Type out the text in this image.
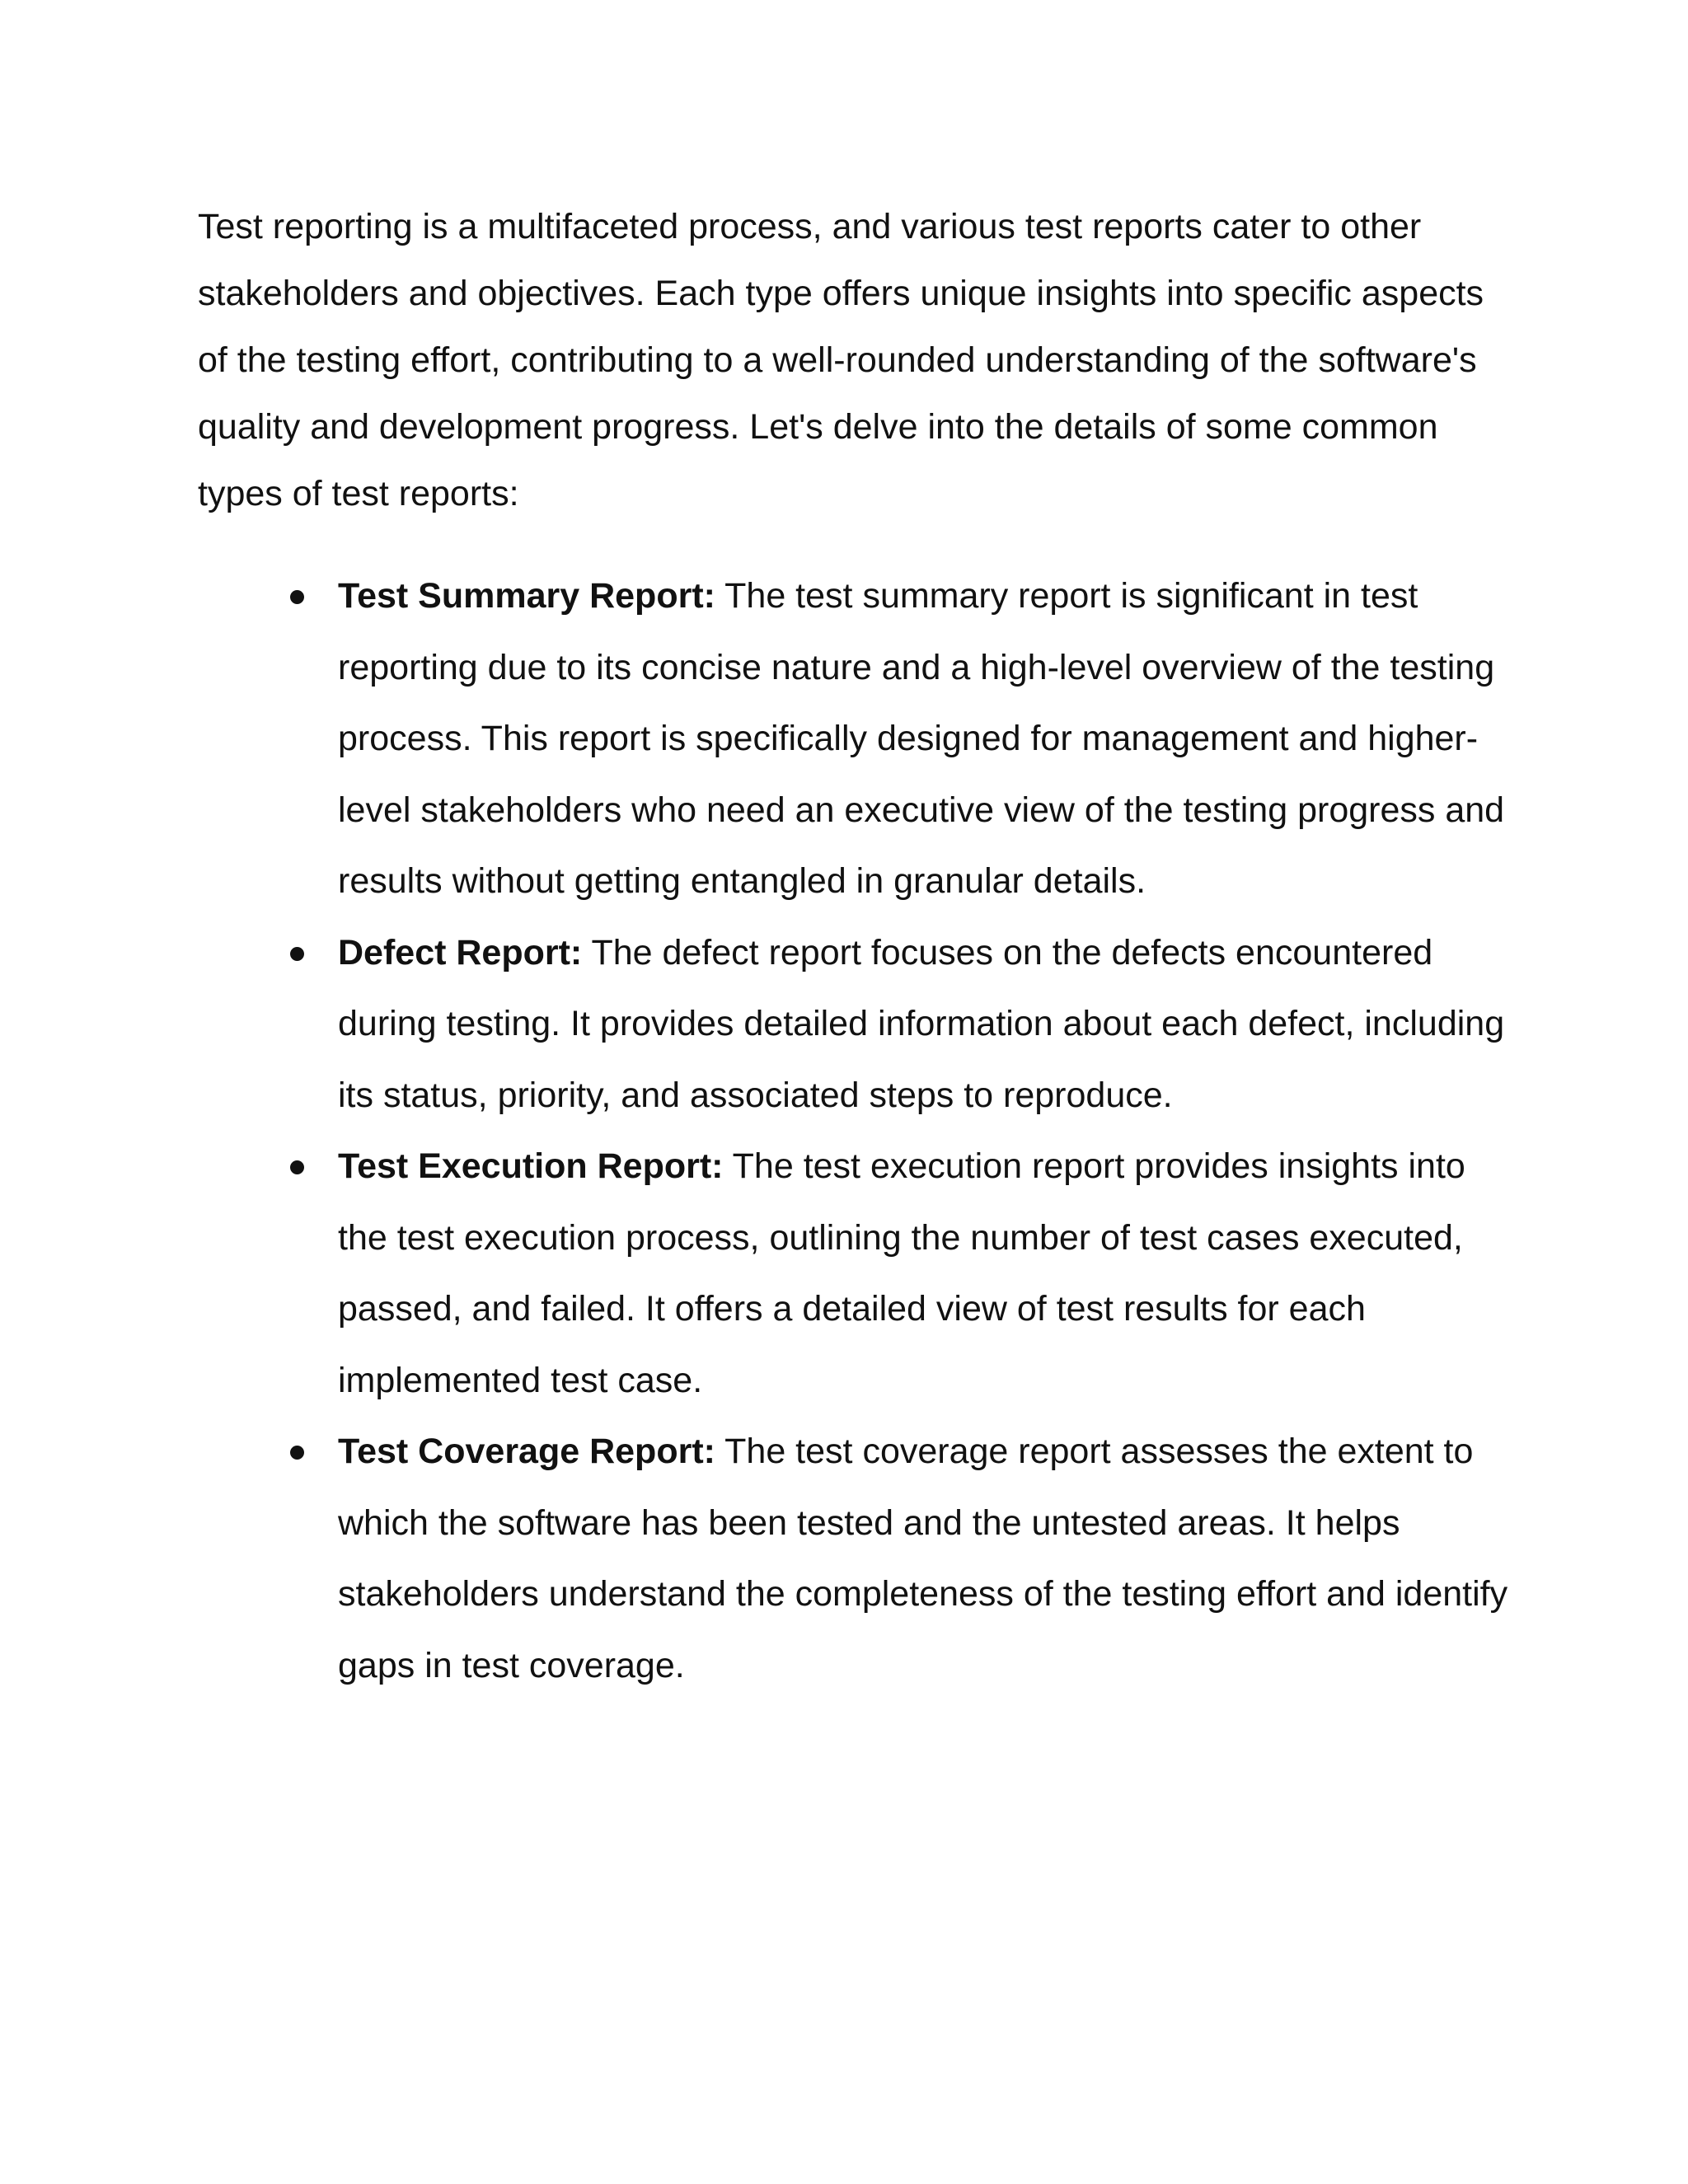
Test reporting is a multifaceted process, and various test reports cater to other stakeholders and objectives. Each type offers unique insights into specific aspects of the testing effort, contributing to a well-rounded understanding of the software's quality and development progress. Let's delve into the details of some common types of test reports:

Test Summary Report: The test summary report is significant in test reporting due to its concise nature and a high-level overview of the testing process. This report is specifically designed for management and higher-level stakeholders who need an executive view of the testing progress and results without getting entangled in granular details.
Defect Report: The defect report focuses on the defects encountered during testing. It provides detailed information about each defect, including its status, priority, and associated steps to reproduce.
Test Execution Report: The test execution report provides insights into the test execution process, outlining the number of test cases executed, passed, and failed. It offers a detailed view of test results for each implemented test case.
Test Coverage Report: The test coverage report assesses the extent to which the software has been tested and the untested areas. It helps stakeholders understand the completeness of the testing effort and identify gaps in test coverage.
